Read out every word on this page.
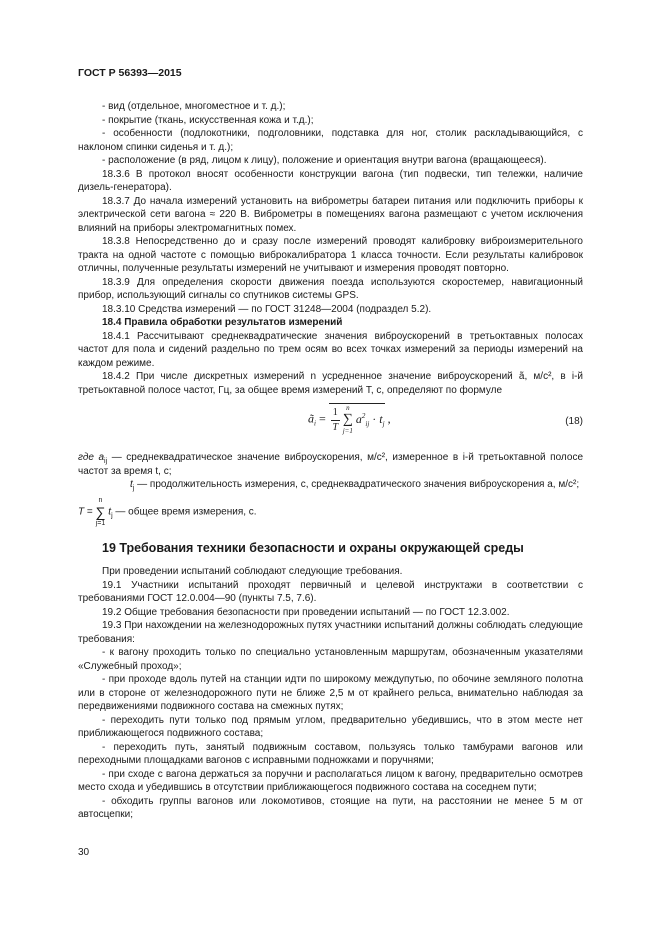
ГОСТ Р 56393—2015

- вид (отдельное, многоместное и т. д.);

- покрытие (ткань, искусственная кожа и т.д.);

- особенности (подлокотники, подголовники, подставка для ног, столик раскладывающийся, с наклоном спинки сиденья и т. д.);

- расположение (в ряд, лицом к лицу), положение и ориентация внутри вагона (вращающееся).

18.3.6 В протокол вносят особенности конструкции вагона (тип подвески, тип тележки, наличие дизель-генератора).

18.3.7 До начала измерений установить на виброметры батареи питания или подключить приборы к электрической сети вагона ≈ 220 В. Виброметры в помещениях вагона размещают с учетом исключения влияний на приборы электромагнитных помех.

18.3.8 Непосредственно до и сразу после измерений проводят калибровку виброизмерительного тракта на одной частоте с помощью виброкалибратора 1 класса точности. Если результаты калибровок отличны, полученные результаты измерений не учитывают и измерения проводят повторно.

18.3.9 Для определения скорости движения поезда используются скоростемер, навигационный прибор, использующий сигналы со спутников системы GPS.

18.3.10 Средства измерений — по ГОСТ 31248—2004 (подраздел 5.2).

18.4 Правила обработки результатов измерений

18.4.1 Рассчитывают среднеквадратические значения виброускорений в третьоктавных полосах частот для пола и сидений раздельно по трем осям во всех точках измерений за периоды измерений на каждом режиме.

18.4.2 При числе дискретных измерений n усредненное значение виброускорений ã, м/с², в i-й третьоктавной полосе частот, Гц, за общее время измерений T, с, определяют по формуле

$ã_i = \frac{1}{T}$
n
∑
j=1
$a^2_{ij} \cdot t_j$ ,	(18)

где $a_{ij}$ — среднеквадратическое значение виброускорения, м/с², измеренное в i-й третьоктавной полосе частот за время t, с;

$t_j$ — продолжительность измерения, с, среднеквадратического значения виброускорения a, м/с²;

T =
n
∑
j=1
$t_j$ — общее время измерения, с.

19 Требования техники безопасности и охраны окружающей среды

При проведении испытаний соблюдают следующие требования.

19.1 Участники испытаний проходят первичный и целевой инструктажи в соответствии с требованиями ГОСТ 12.0.004—90 (пункты 7.5, 7.6).

19.2 Общие требования безопасности при проведении испытаний — по ГОСТ 12.3.002.

19.3 При нахождении на железнодорожных путях участники испытаний должны соблюдать следующие требования:

- к вагону проходить только по специально установленным маршрутам, обозначенным указателями «Служебный проход»;

- при проходе вдоль путей на станции идти по широкому междупутью, по обочине земляного полотна или в стороне от железнодорожного пути не ближе 2,5 м от крайнего рельса, внимательно наблюдая за передвижениями подвижного состава на смежных путях;

- переходить пути только под прямым углом, предварительно убедившись, что в этом месте нет приближающегося подвижного состава;

- переходить путь, занятый подвижным составом, пользуясь только тамбурами вагонов или переходными площадками вагонов с исправными подножками и поручнями;

- при сходе с вагона держаться за поручни и располагаться лицом к вагону, предварительно осмотрев место схода и убедившись в отсутствии приближающегося подвижного состава на соседнем пути;

- обходить группы вагонов или локомотивов, стоящие на пути, на расстоянии не менее 5 м от автосцепки;

30
